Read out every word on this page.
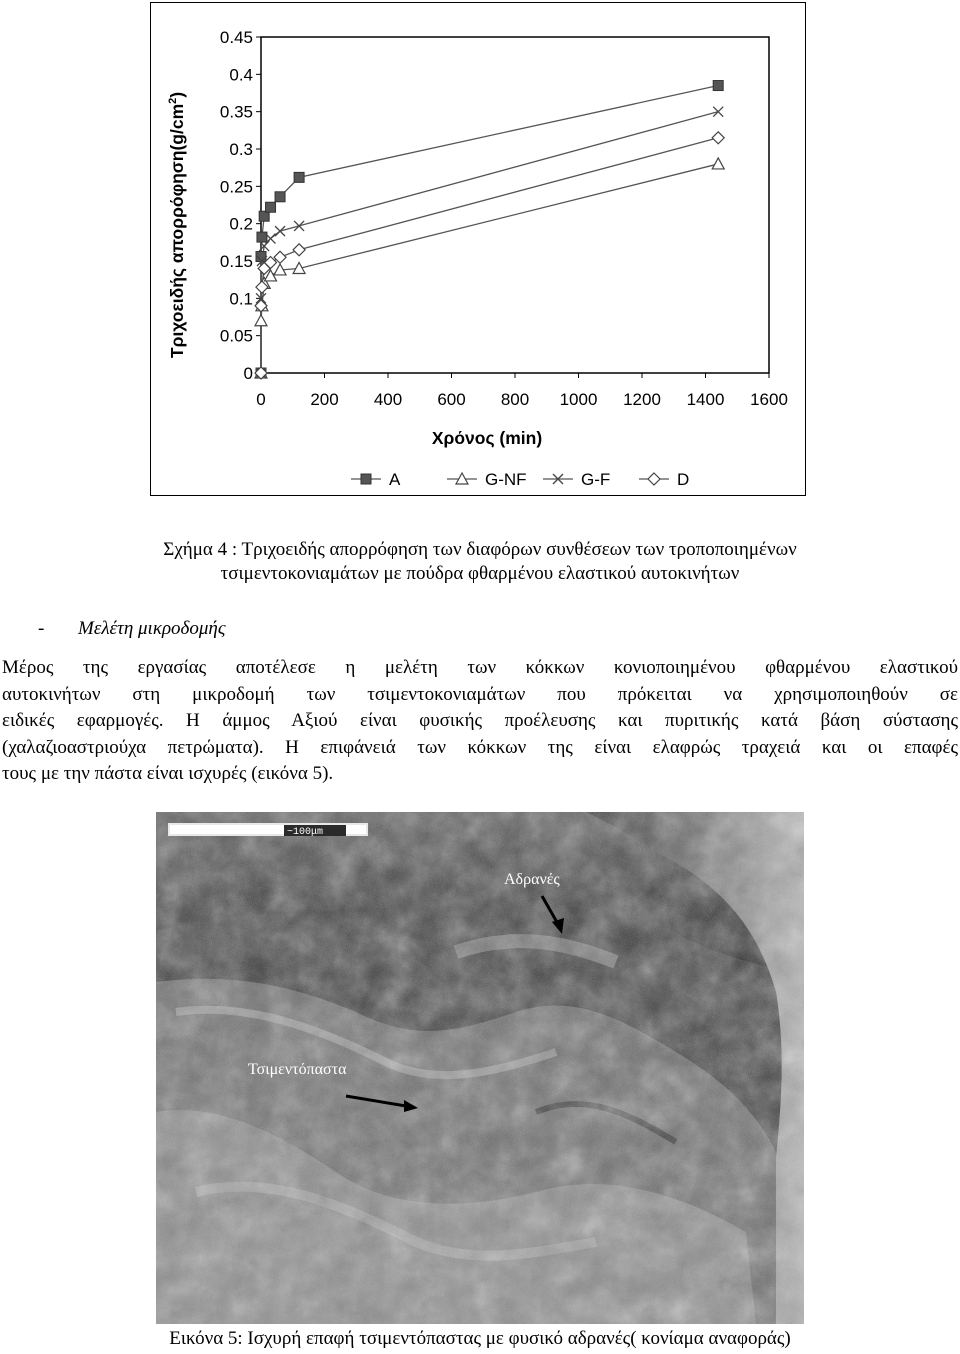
0
0.05
0.1
0.15
0.2
0.25
0.3
0.35
0.4
0.45
0	200 400 600 800 1000 1200 1400 1600
Χρόνος (min)
Τριχοειδής $\alpha\pi o\rho\rho ό\varphi\eta\sigma\eta(g/cm^2)$
A	G-NF	G-F	D
Σχήμα 4 : Τριχοειδής απορρόφηση των διαφόρων συνθέσεων των τροποποιημένων
τσιμεντοκονιαμάτων με πούδρα φθαρμένου ελαστικού αυτοκινήτων
- Μελέτη μικροδομής
Μέρος της εργασίας αποτέλεσε η μελέτη των κόκκων κονιοποιημένου φθαρμένου ελαστικού
αυτοκινήτων στη μικροδομή των τσιμεντοκονιαμάτων που πρόκειται να χρησιμοποιηθούν σε
ειδικές εφαρμογές. Η άμμος Αξιού είναι φυσικής προέλευσης και πυριτικής κατά βάση σύστασης
(χαλαζιοαστριούχα πετρώματα). Η επιφάνειά των κόκκων της είναι ελαφρώς τραχειά και οι επαφές
τους με την πάστα είναι ισχυρές (εικόνα 5).
~100μm
Αδρανές
Τσιμεντόπαστα
Εικόνα 5: Ισχυρή επαφή τσιμεντόπαστας με φυσικό αδρανές( κονίαμα αναφοράς)
